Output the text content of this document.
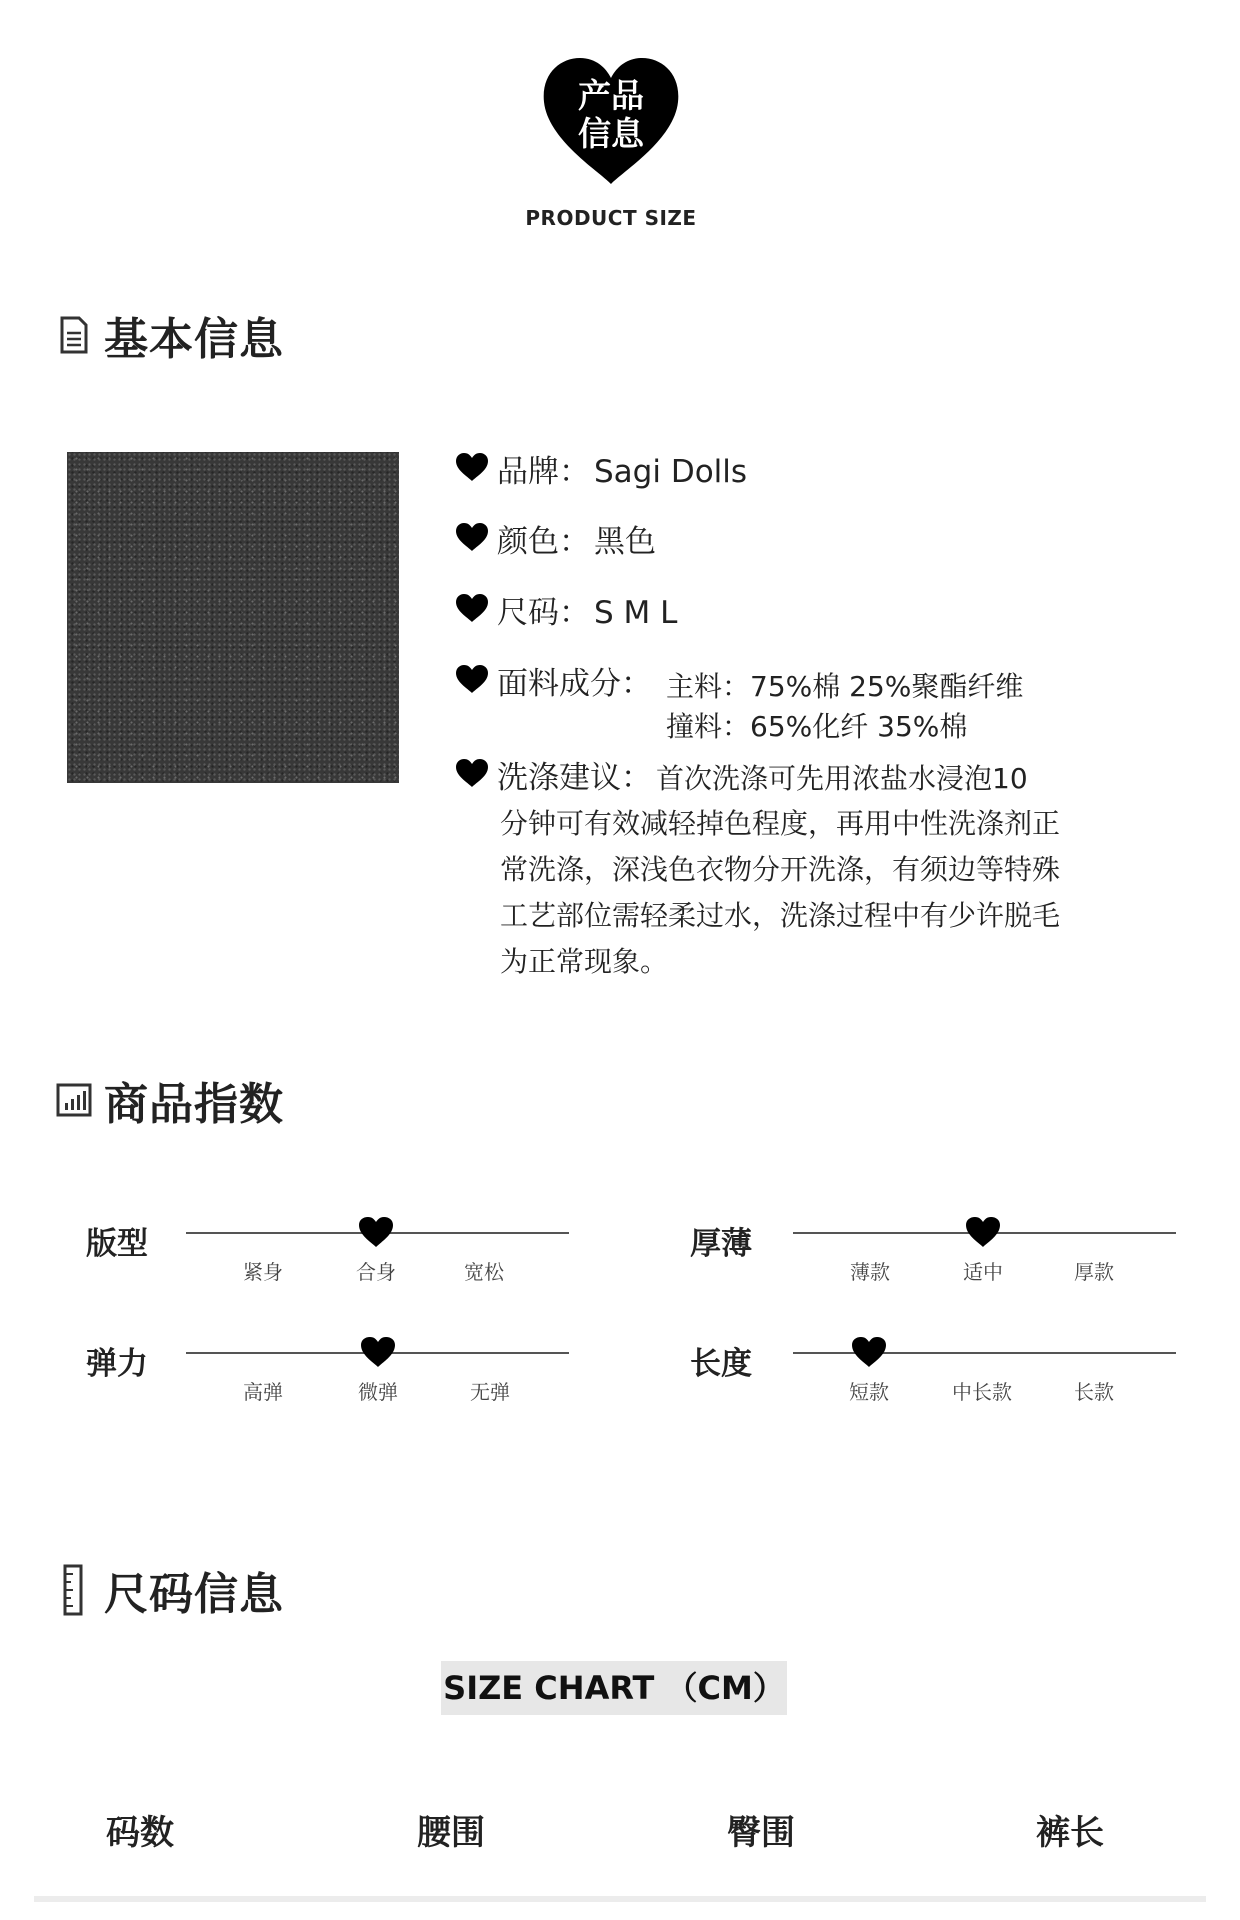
产品
信息
PRODUCT SIZE
基本信息
品牌： Sagi Dolls
颜色： 黑色
尺码： S M L
面料成分： 主料：75%棉 25%聚酯纤维
撞料：65%化纤 35%棉
洗涤建议： 首次洗涤可先用浓盐水浸泡10
分钟可有效减轻掉色程度，再用中性洗涤剂正常洗涤，深浅色衣物分开洗涤，有须边等特殊工艺部位需轻柔过水，洗涤过程中有少许脱毛为正常现象。
商品指数
版型
紧身	合身	宽松
厚薄
薄款	适中	厚款
弹力
高弹	微弹	无弹
长度
短款	中长款	长款
尺码信息
SIZE CHART （CM）
码数	腰围	臀围	裤长
